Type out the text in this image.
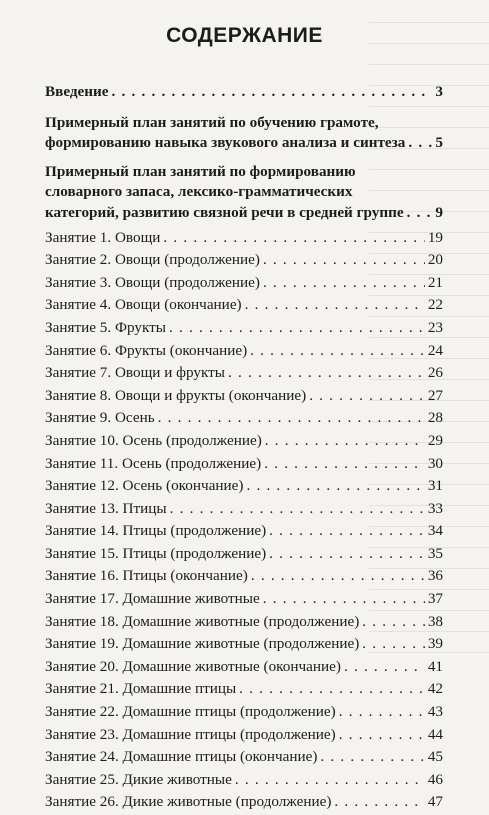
СОДЕРЖАНИЕ
Введение . . .	3
Примерный план занятий по обучению грамоте,
формированию навыка звукового анализа и синтеза . . . 5
Примерный план занятий по формированию
словарного запаса, лексико-грамматических
категорий, развитию связной речи в средней группе . . . 9
Занятие 1. Овощи . . .	19
Занятие 2. Овощи (продолжение) . . .	20
Занятие 3. Овощи (продолжение) . . .	21
Занятие 4. Овощи (окончание) . . .	22
Занятие 5. Фрукты . . .	23
Занятие 6. Фрукты (окончание) . . .	24
Занятие 7. Овощи и фрукты . . .	26
Занятие 8. Овощи и фрукты (окончание) . . .	27
Занятие 9. Осень . . .	28
Занятие 10. Осень (продолжение) . . .	29
Занятие 11. Осень (продолжение) . . .	30
Занятие 12. Осень (окончание) . . .	31
Занятие 13. Птицы . . .	33
Занятие 14. Птицы (продолжение) . . .	34
Занятие 15. Птицы (продолжение) . . .	35
Занятие 16. Птицы (окончание) . . .	36
Занятие 17. Домашние животные . . .	37
Занятие 18. Домашние животные (продолжение) . . .	38
Занятие 19. Домашние животные (продолжение) . . .	39
Занятие 20. Домашние животные (окончание) . . .	41
Занятие 21. Домашние птицы . . .	42
Занятие 22. Домашние птицы (продолжение) . . .	43
Занятие 23. Домашние птицы (продолжение) . . .	44
Занятие 24. Домашние птицы (окончание) . . .	45
Занятие 25. Дикие животные . . .	46
Занятие 26. Дикие животные (продолжение) . . .	47
